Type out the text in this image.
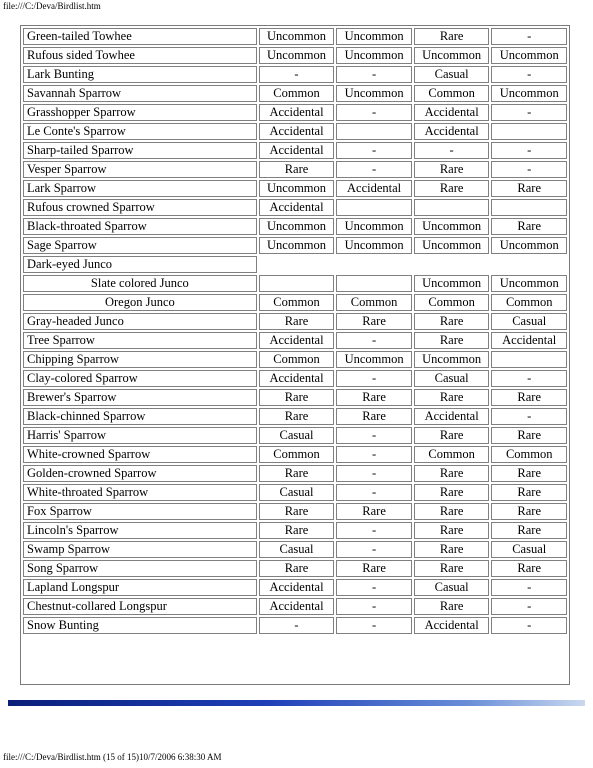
file:///C:/Deva/Birdlist.htm
Green-tailed Towhee	Uncommon	Uncommon	Rare	-
Rufous sided Towhee	Uncommon	Uncommon	Uncommon	Uncommon
Lark Bunting	-	-	Casual	-
Savannah Sparrow	Common	Uncommon	Common	Uncommon
Grasshopper Sparrow	Accidental	-	Accidental	-
Le Conte's Sparrow	Accidental		Accidental	
Sharp-tailed Sparrow	Accidental	-	-	-
Vesper Sparrow	Rare	-	Rare	-
Lark Sparrow	Uncommon	Accidental	Rare	Rare
Rufous crowned Sparrow	Accidental			
Black-throated Sparrow	Uncommon	Uncommon	Uncommon	Rare
Sage Sparrow	Uncommon	Uncommon	Uncommon	Uncommon
Dark-eyed Junco				
Slate colored Junco			Uncommon	Uncommon
Oregon Junco	Common	Common	Common	Common
Gray-headed Junco	Rare	Rare	Rare	Casual
Tree Sparrow	Accidental	-	Rare	Accidental
Chipping Sparrow	Common	Uncommon	Uncommon	
Clay-colored Sparrow	Accidental	-	Casual	-
Brewer's Sparrow	Rare	Rare	Rare	Rare
Black-chinned Sparrow	Rare	Rare	Accidental	-
Harris' Sparrow	Casual	-	Rare	Rare
White-crowned Sparrow	Common	-	Common	Common
Golden-crowned Sparrow	Rare	-	Rare	Rare
White-throated Sparrow	Casual	-	Rare	Rare
Fox Sparrow	Rare	Rare	Rare	Rare
Lincoln's Sparrow	Rare	-	Rare	Rare
Swamp Sparrow	Casual	-	Rare	Casual
Song Sparrow	Rare	Rare	Rare	Rare
Lapland Longspur	Accidental	-	Casual	-
Chestnut-collared Longspur	Accidental	-	Rare	-
Snow Bunting	-	-	Accidental	-
file:///C:/Deva/Birdlist.htm (15 of 15)10/7/2006 6:38:30 AM
